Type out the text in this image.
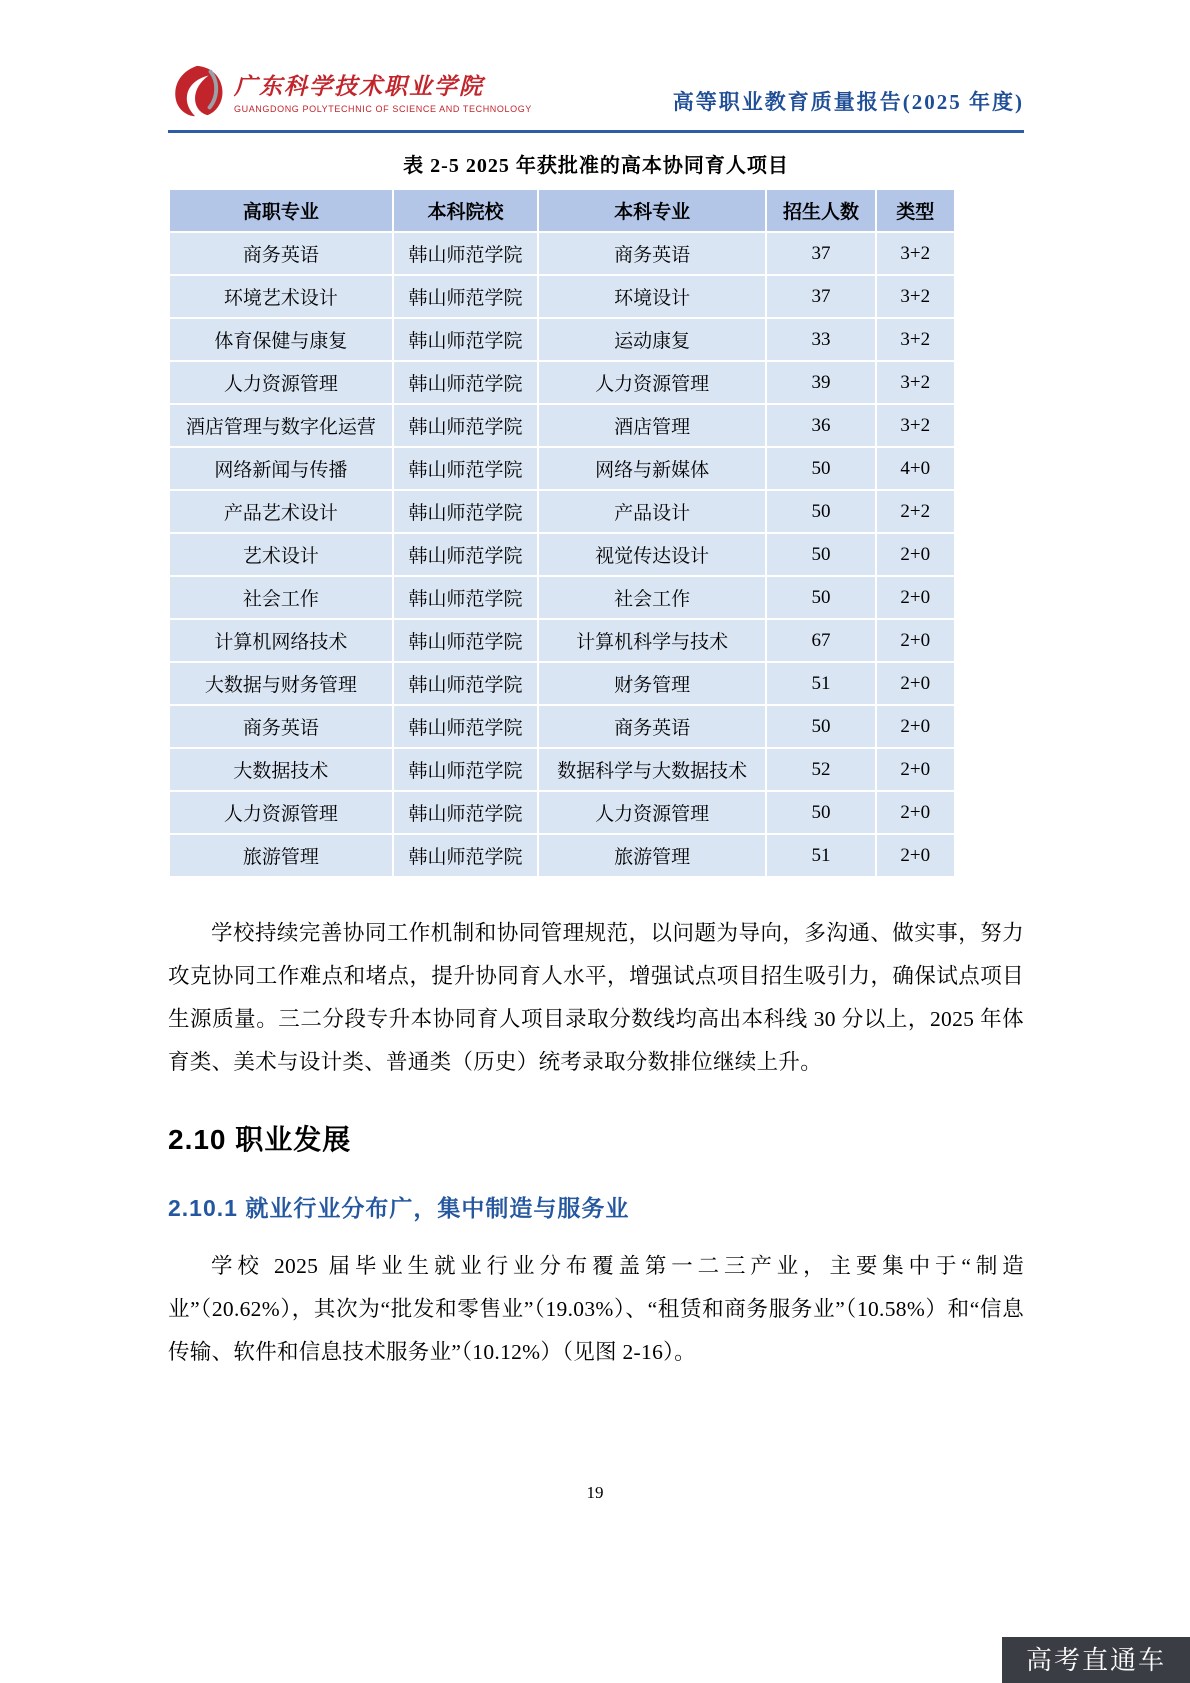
广东科学技术职业学院
GUANGDONG POLYTECHNIC OF SCIENCE AND TECHNOLOGY	高等职业教育质量报告(2025 年度)
表 2-5 2025 年获批准的高本协同育人项目
高职专业	本科院校	本科专业	招生人数	类型
商务英语	韩山师范学院	商务英语	37	3+2
环境艺术设计	韩山师范学院	环境设计	37	3+2
体育保健与康复	韩山师范学院	运动康复	33	3+2
人力资源管理	韩山师范学院	人力资源管理	39	3+2
酒店管理与数字化运营	韩山师范学院	酒店管理	36	3+2
网络新闻与传播	韩山师范学院	网络与新媒体	50	4+0
产品艺术设计	韩山师范学院	产品设计	50	2+2
艺术设计	韩山师范学院	视觉传达设计	50	2+0
社会工作	韩山师范学院	社会工作	50	2+0
计算机网络技术	韩山师范学院	计算机科学与技术	67	2+0
大数据与财务管理	韩山师范学院	财务管理	51	2+0
商务英语	韩山师范学院	商务英语	50	2+0
大数据技术	韩山师范学院	数据科学与大数据技术	52	2+0
人力资源管理	韩山师范学院	人力资源管理	50	2+0
旅游管理	韩山师范学院	旅游管理	51	2+0

学校持续完善协同工作机制和协同管理规范，以问题为导向，多沟通、做实事，努力攻克协同工作难点和堵点，提升协同育人水平，增强试点项目招生吸引力，确保试点项目生源质量。三二分段专升本协同育人项目录取分数线均高出本科线 30 分以上，2025 年体育类、美术与设计类、普通类（历史）统考录取分数排位继续上升。

2.10 职业发展
2.10.1 就业行业分布广，集中制造与服务业

学校 2025 届毕业生就业行业分布覆盖第一二三产业，主要集中于“制造业”（20.62%），其次为“批发和零售业”（19.03%）、“租赁和商务服务业”（10.58%）和“信息传输、软件和信息技术服务业”（10.12%）（见图 2-16）。

19
高考直通车
